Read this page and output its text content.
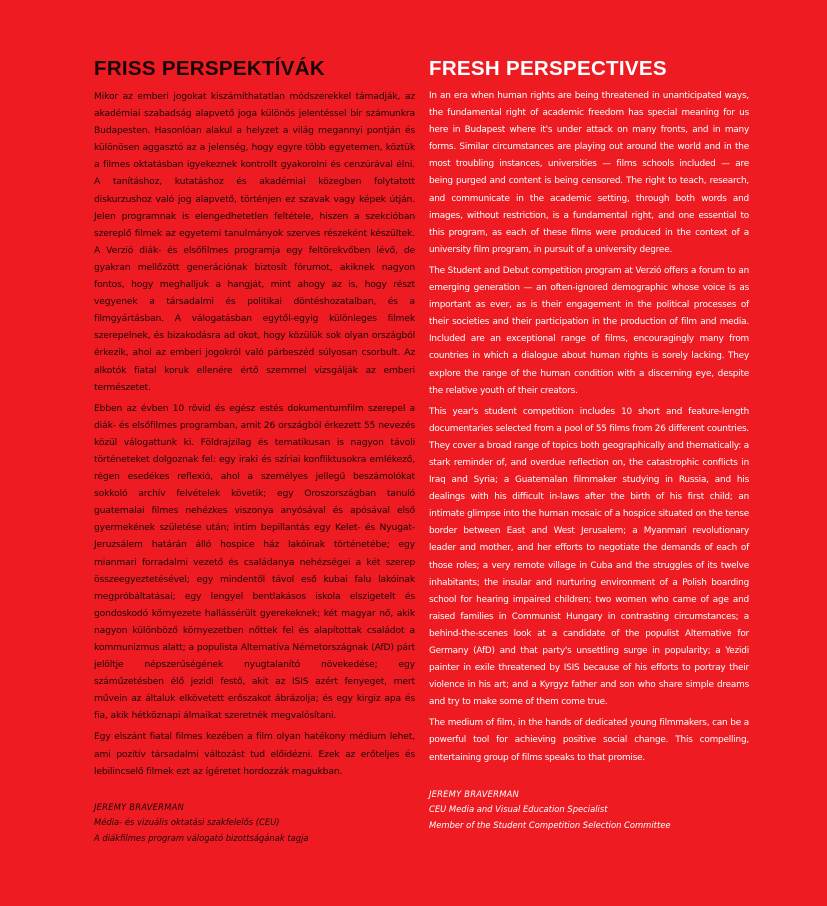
FRISS PERSPEKTÍVÁK

Mikor az emberi jogokat kiszámíthatatlan módszerekkel támadják, az akadémiai szabadság alapvető joga különös jelentéssel bír számunkra Budapesten. Hasonlóan alakul a helyzet a világ megannyi pontján és különösen aggasztó az a jelenség, hogy egyre több egyetemen, köztük a filmes oktatásban igyekeznek kontrollt gyakorolni és cenzúrával élni. A tanításhoz, kutatáshoz és akadémiai közegben folytatott diskurzushoz való jog alapvető, történjen ez szavak vagy képek útján. Jelen programnak is elengedhetetlen feltétele, hiszen a szekcióban szereplő filmek az egyetemi tanulmányok szerves részeként készültek. A Verzió diák- és elsőfilmes programja egy feltörekvőben lévő, de gyakran mellőzött generációnak biztosít fórumot, akiknek nagyon fontos, hogy meghalljuk a hangját, mint ahogy az is, hogy részt vegyenek a társadalmi és politikai döntéshozatalban, és a filmgyártásban. A válogatásban egytől-egyig különleges filmek szerepelnek, és bizakodásra ad okot, hogy közülük sok olyan országból érkezik, ahol az emberi jogokról való párbeszéd súlyosan csorbult. Az alkotók fiatal koruk ellenére értő szemmel vizsgálják az emberi természetet.

Ebben az évben 10 rövid és egész estés dokumentumfilm szerepel a diák- és elsőfilmes programban, amit 26 országból érkezett 55 nevezés közül válogattunk ki. Földrajzilag és tematikusan is nagyon távoli történeteket dolgoznak fel: egy iraki és szíriai konfliktusokra emlékező, régen esedékes reflexió, ahol a személyes jellegű beszámolókat sokkoló archív felvételek követik; egy Oroszországban tanuló guatemalai filmes nehézkes viszonya anyósával és apósával első gyermekének születése után; intim bepillantás egy Kelet- és Nyugat-Jeruzsálem határán álló hospice ház lakóinak történetébe; egy mianmari forradalmi vezető és családanya nehézségei a két szerep összeegyeztetésével; egy mindentől távol eső kubai falu lakóinak megpróbáltatásai; egy lengyel bentlakásos iskola elszigetelt és gondoskodó környezete hallássérült gyerekeknek; két magyar nő, akik nagyon különböző környezetben nőttek fel és alapítottak családot a kommunizmus alatt; a populista Alternatíva Németországnak (AfD) párt jelöltje népszerűségének nyugtalanító növekedése; egy száműzetésben élő jezidi festő, akit az ISIS azért fenyeget, mert művein az általuk elkövetett erőszakot ábrázolja; és egy kirgiz apa és fia, akik hétköznapi álmaikat szeretnék megvalósítani.

Egy elszánt fiatal filmes kezében a film olyan hatékony médium lehet, ami pozitív társadalmi változást tud előidézni. Ezek az erőteljes és lebilincselő filmek ezt az ígéretet hordozzák magukban.

JEREMY BRAVERMAN
Média- és vizuális oktatási szakfelelős (CEU)
A diákfilmes program válogató bizottságának tagja
FRESH PERSPECTIVES

In an era when human rights are being threatened in unanticipated ways, the fundamental right of academic freedom has special meaning for us here in Budapest where it's under attack on many fronts, and in many forms. Similar circumstances are playing out around the world and in the most troubling instances, universities — films schools included — are being purged and content is being censored. The right to teach, research, and communicate in the academic setting, through both words and images, without restriction, is a fundamental right, and one essential to this program, as each of these films were produced in the context of a university film program, in pursuit of a university degree.

The Student and Debut competition program at Verzió offers a forum to an emerging generation — an often-ignored demographic whose voice is as important as ever, as is their engagement in the political processes of their societies and their participation in the production of film and media. Included are an exceptional range of films, encouragingly many from countries in which a dialogue about human rights is sorely lacking. They explore the range of the human condition with a discerning eye, despite the relative youth of their creators.

This year's student competition includes 10 short and feature-length documentaries selected from a pool of 55 films from 26 different countries. They cover a broad range of topics both geographically and thematically: a stark reminder of, and overdue reflection on, the catastrophic conflicts in Iraq and Syria; a Guatemalan filmmaker studying in Russia, and his dealings with his difficult in-laws after the birth of his first child; an intimate glimpse into the human mosaic of a hospice situated on the tense border between East and West Jerusalem; a Myanmari revolutionary leader and mother, and her efforts to negotiate the demands of each of those roles; a very remote village in Cuba and the struggles of its twelve inhabitants; the insular and nurturing environment of a Polish boarding school for hearing impaired children; two women who came of age and raised families in Communist Hungary in contrasting circumstances; a behind-the-scenes look at a candidate of the populist Alternative for Germany (AfD) and that party's unsettling surge in popularity; a Yezidi painter in exile threatened by ISIS because of his efforts to portray their violence in his art; and a Kyrgyz father and son who share simple dreams and try to make some of them come true.

The medium of film, in the hands of dedicated young filmmakers, can be a powerful tool for achieving positive social change. This compelling, entertaining group of films speaks to that promise.

JEREMY BRAVERMAN
CEU Media and Visual Education Specialist
Member of the Student Competition Selection Committee
